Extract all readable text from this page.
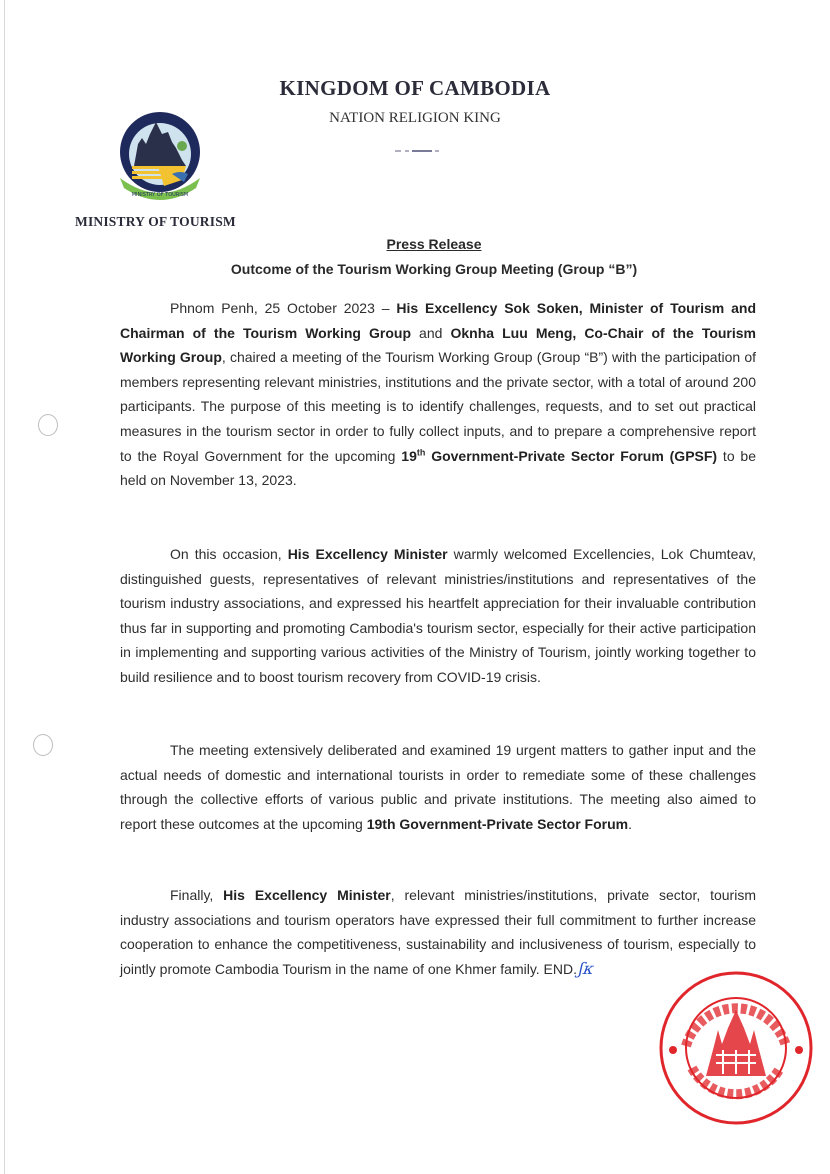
KINGDOM OF CAMBODIA
NATION RELIGION KING
MINISTRY OF TOURISM
MINISTRY OF TOURISM
Press Release
Outcome of the Tourism Working Group Meeting (Group “B”)
Phnom Penh, 25 October 2023 – His Excellency Sok Soken, Minister of Tourism and Chairman of the Tourism Working Group and Oknha Luu Meng, Co-Chair of the Tourism Working Group, chaired a meeting of the Tourism Working Group (Group “B”) with the participation of members representing relevant ministries, institutions and the private sector, with a total of around 200 participants. The purpose of this meeting is to identify challenges, requests, and to set out practical measures in the tourism sector in order to fully collect inputs, and to prepare a comprehensive report to the Royal Government for the upcoming 19th Government-Private Sector Forum (GPSF) to be held on November 13, 2023.
On this occasion, His Excellency Minister warmly welcomed Excellencies, Lok Chumteav, distinguished guests, representatives of relevant ministries/institutions and representatives of the tourism industry associations, and expressed his heartfelt appreciation for their invaluable contribution thus far in supporting and promoting Cambodia's tourism sector, especially for their active participation in implementing and supporting various activities of the Ministry of Tourism, jointly working together to build resilience and to boost tourism recovery from COVID-19 crisis.
The meeting extensively deliberated and examined 19 urgent matters to gather input and the actual needs of domestic and international tourists in order to remediate some of these challenges through the collective efforts of various public and private institutions. The meeting also aimed to report these outcomes at the upcoming 19th Government-Private Sector Forum.
Finally, His Excellency Minister, relevant ministries/institutions, private sector, tourism industry associations and tourism operators have expressed their full commitment to further increase cooperation to enhance the competitiveness, sustainability and inclusiveness of tourism, especially to jointly promote Cambodia Tourism in the name of one Khmer family. END.ʃκ
